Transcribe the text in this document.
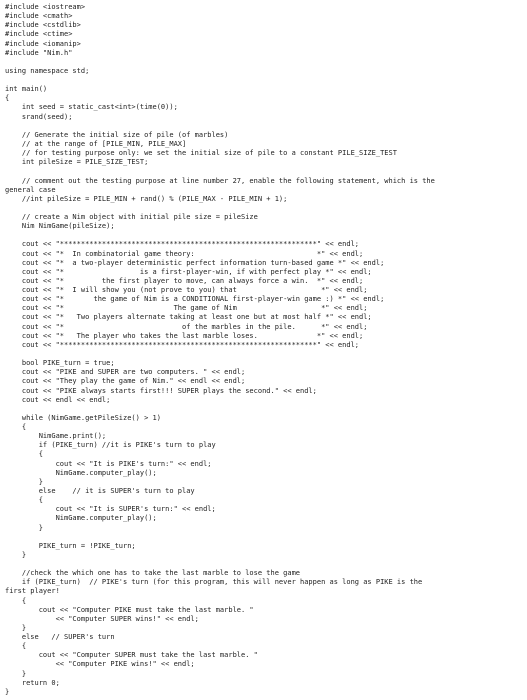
#include <iostream>
#include <cmath>
#include <cstdlib>
#include <ctime>
#include <iomanip>
#include "Nim.h"
using namespace std;
int main()
{
int seed = static_cast<int>(time(0));
srand(seed);
// Generate the initial size of pile (of marbles)
// at the range of [PILE_MIN, PILE_MAX]
// for testing purpose only: we set the initial size of pile to a constant PILE_SIZE_TEST
int pileSize = PILE_SIZE_TEST;
// comment out the testing purpose at line number 27, enable the following statement, which is the
general case
//int pileSize = PILE_MIN + rand() % (PILE_MAX - PILE_MIN + 1);
// create a Nim object with initial pile size = pileSize
Nim NimGame(pileSize);
cout << "*************************************************************" << endl;
cout << "*  In combinatorial game theory:                             *" << endl;
cout << "*  a two-player deterministic perfect information turn-based game *" << endl;
cout << "*                  is a first-player-win, if with perfect play *" << endl;
cout << "*         the first player to move, can always force a win.  *" << endl;
cout << "*  I will show you (not prove to you) that                    *" << endl;
cout << "*       the game of Nim is a CONDITIONAL first-player-win game :) *" << endl;
cout << "*                          The game of Nim                    *" << endl;
cout << "*   Two players alternate taking at least one but at most half *" << endl;
cout << "*                            of the marbles in the pile.      *" << endl;
cout << "*   The player who takes the last marble loses.              *" << endl;
cout << "*************************************************************" << endl;
bool PIKE_turn = true;
cout << "PIKE and SUPER are two computers. " << endl;
cout << "They play the game of Nim." << endl << endl;
cout << "PIKE always starts first!!! SUPER plays the second." << endl;
cout << endl << endl;
while (NimGame.getPileSize() > 1)
{
NimGame.print();
if (PIKE_turn) //it is PIKE's turn to play
{
cout << "It is PIKE's turn:" << endl;
NimGame.computer_play();
}
else    // it is SUPER's turn to play
{
cout << "It is SUPER's turn:" << endl;
NimGame.computer_play();
}
PIKE_turn = !PIKE_turn;
}
//check the which one has to take the last marble to lose the game
if (PIKE_turn)  // PIKE's turn (for this program, this will never happen as long as PIKE is the
first player!
{
cout << "Computer PIKE must take the last marble. "
<< "Computer SUPER wins!" << endl;
}
else   // SUPER's turn
{
cout << "Computer SUPER must take the last marble. "
<< "Computer PIKE wins!" << endl;
}
return 0;
}
